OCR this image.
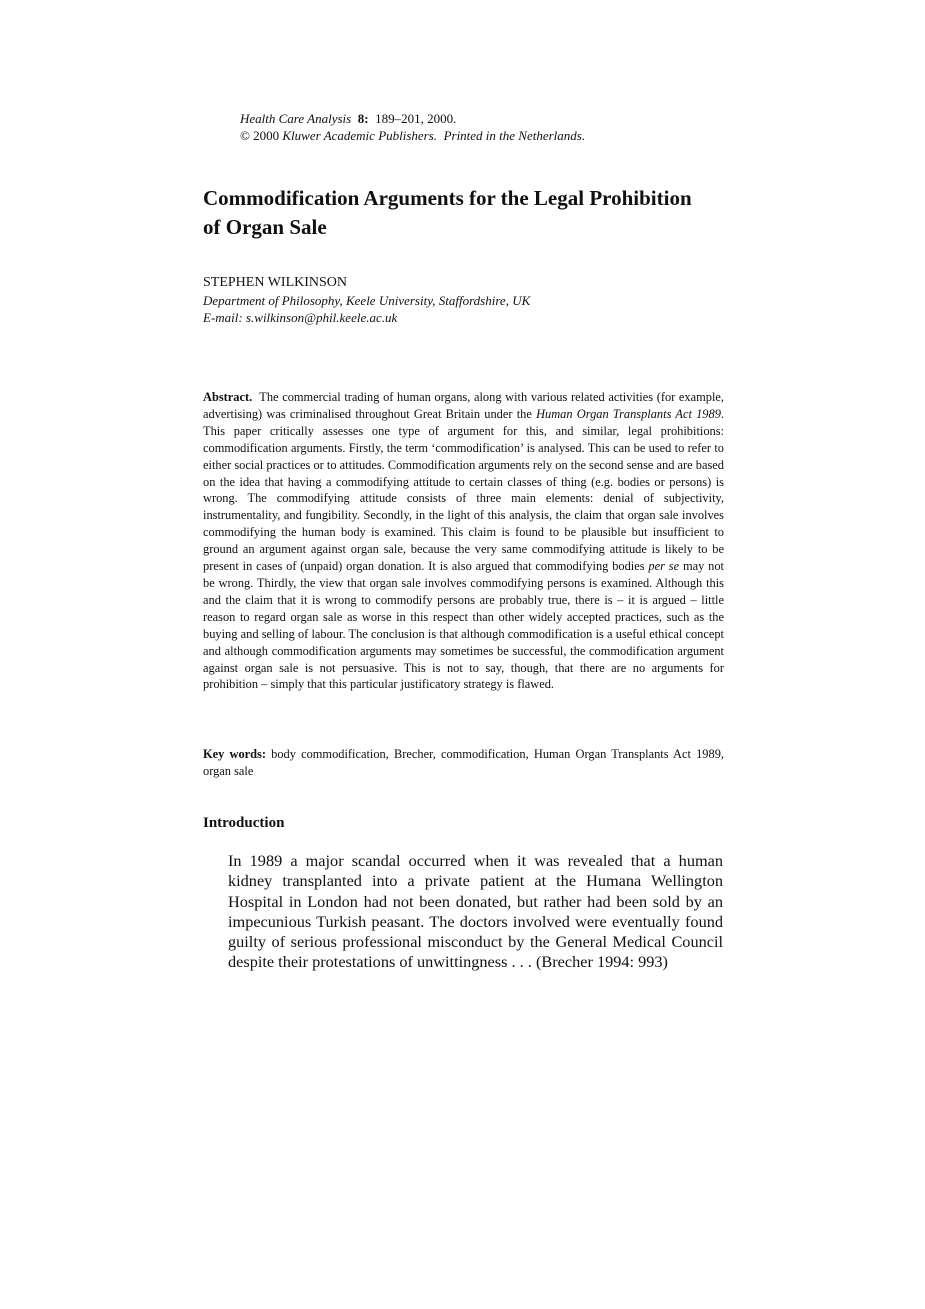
Health Care Analysis 8: 189–201, 2000.
© 2000 Kluwer Academic Publishers. Printed in the Netherlands.
Commodification Arguments for the Legal Prohibition
of Organ Sale
STEPHEN WILKINSON
Department of Philosophy, Keele University, Staffordshire, UK
E-mail: s.wilkinson@phil.keele.ac.uk

Abstract. The commercial trading of human organs, along with various related activities (for example, advertising) was criminalised throughout Great Britain under the Human Organ Transplants Act 1989. This paper critically assesses one type of argument for this, and similar, legal prohibitions: commodification arguments. Firstly, the term ‘commodification’ is analysed. This can be used to refer to either social practices or to attitudes. Commodification arguments rely on the second sense and are based on the idea that having a commodifying attitude to certain classes of thing (e.g. bodies or persons) is wrong. The commodifying attitude consists of three main elements: denial of subjectivity, instrumentality, and fungibility. Secondly, in the light of this analysis, the claim that organ sale involves commodifying the human body is examined. This claim is found to be plausible but insufficient to ground an argument against organ sale, because the very same commodifying attitude is likely to be present in cases of (unpaid) organ donation. It is also argued that commodifying bodies per se may not be wrong. Thirdly, the view that organ sale involves commodifying persons is examined. Although this and the claim that it is wrong to commodify persons are probably true, there is – it is argued – little reason to regard organ sale as worse in this respect than other widely accepted practices, such as the buying and selling of labour. The conclusion is that although commodification is a useful ethical concept and although commodification arguments may sometimes be successful, the commodification argument against organ sale is not persuasive. This is not to say, though, that there are no arguments for prohibition – simply that this particular justificatory strategy is flawed.

Key words: body commodification, Brecher, commodification, Human Organ Transplants Act 1989, organ sale

Introduction

In 1989 a major scandal occurred when it was revealed that a human kidney transplanted into a private patient at the Humana Wellington Hospital in London had not been donated, but rather had been sold by an impecunious Turkish peasant. The doctors involved were eventually found guilty of serious professional misconduct by the General Medical Council despite their protestations of unwittingness . . . (Brecher 1994: 993)
